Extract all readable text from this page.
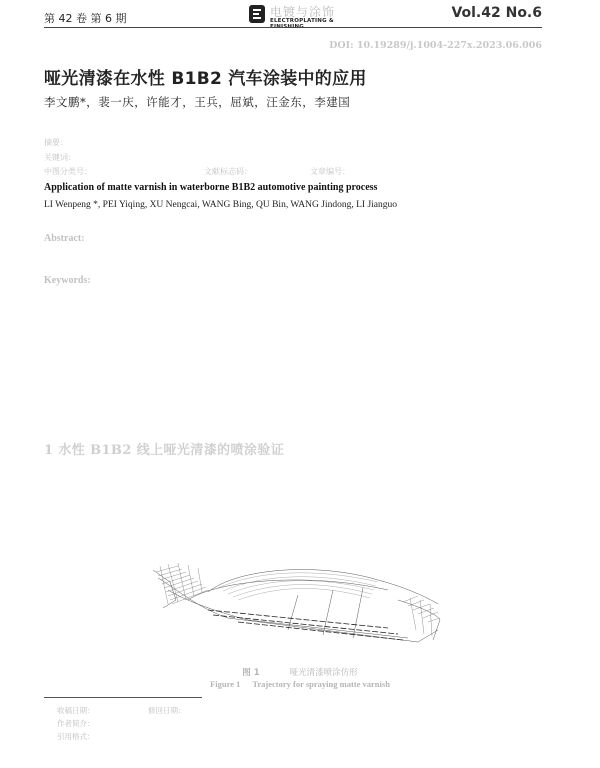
第 42 卷 第 6 期	电镀与涂饰
ELECTROPLATING & FINISHING
Vol.42 No.6
DOI: 10.19289/j.1004-227x.2023.06.006
哑光清漆在水性 B1B2 汽车涂装中的应用
李文鹏*，裴一庆，许能才，王兵，屈斌，汪金东，李建国
摘要：
关键词：
中图分类号：	文献标志码：	文章编号：
Application of matte varnish in waterborne B1B2 automotive painting process
LI Wenpeng *, PEI Yiqing, XU Nengcai, WANG Bing, QU Bin, WANG Jindong, LI Jianguo
Abstract:
Keywords:
1 水性 B1B2 线上哑光清漆的喷涂验证
图 1	哑光清漆喷涂仿形
Figure 1 Trajectory for spraying matte varnish
收稿日期：	修回日期：
作者简介：
引用格式：
